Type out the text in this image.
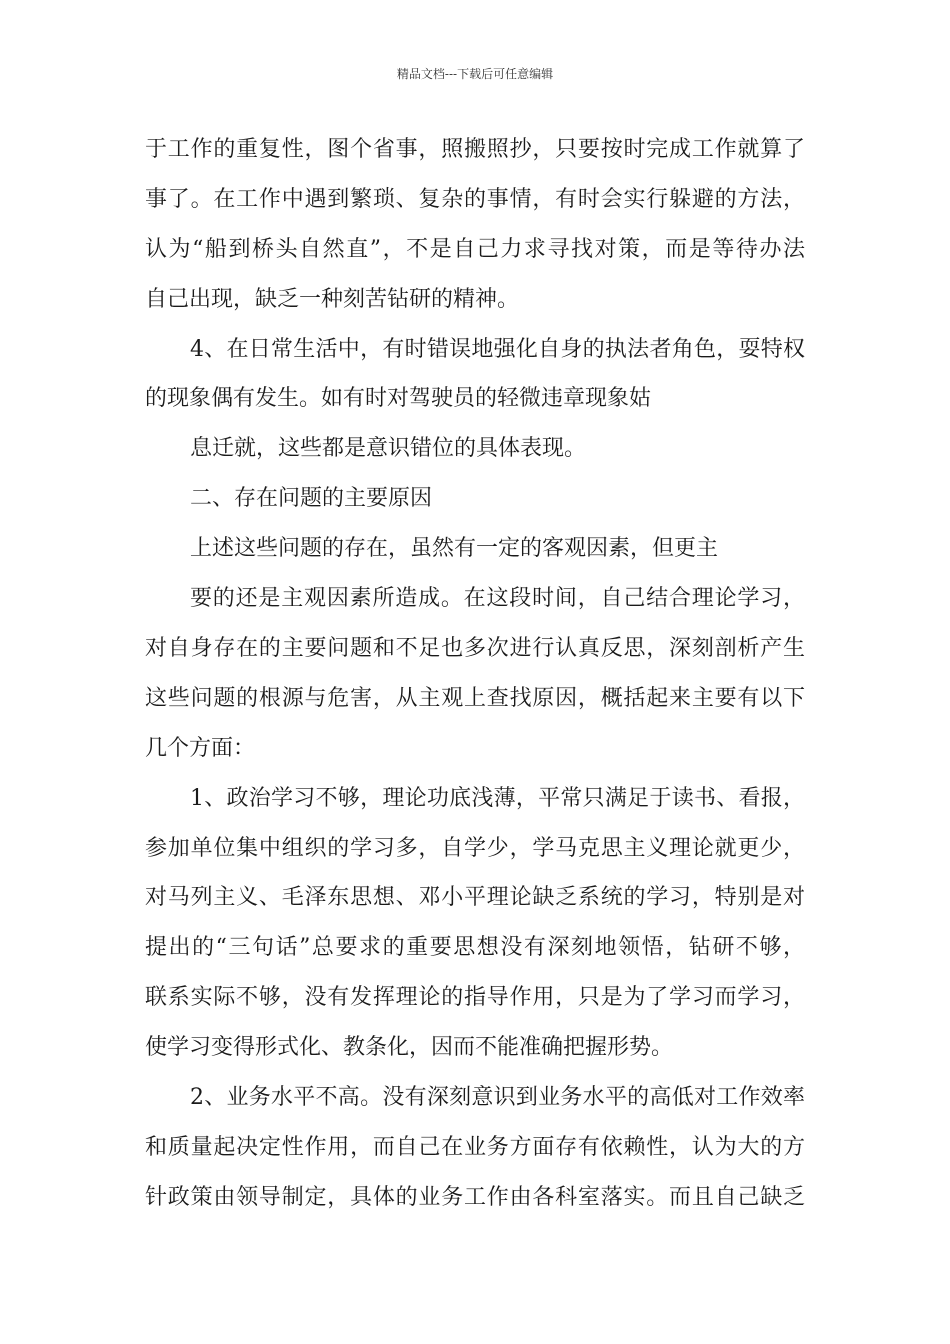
精品文档---下载后可任意编辑
于工作的重复性，图个省事，照搬照抄，只要按时完成工作就算了
事了。在工作中遇到繁琐、复杂的事情，有时会实行躲避的方法，
认为“船到桥头自然直”，不是自己力求寻找对策，而是等待办法
自己出现，缺乏一种刻苦钻研的精神。
4、在日常生活中，有时错误地强化自身的执法者角色，耍特权
的现象偶有发生。如有时对驾驶员的轻微违章现象姑
息迁就，这些都是意识错位的具体表现。
二、存在问题的主要原因
上述这些问题的存在，虽然有一定的客观因素，但更主
要的还是主观因素所造成。在这段时间，自己结合理论学习，
对自身存在的主要问题和不足也多次进行认真反思，深刻剖析产生
这些问题的根源与危害，从主观上查找原因，概括起来主要有以下
几个方面：
1、政治学习不够，理论功底浅薄，平常只满足于读书、看报，
参加单位集中组织的学习多，自学少，学马克思主义理论就更少，
对马列主义、毛泽东思想、邓小平理论缺乏系统的学习，特别是对
提出的“三句话”总要求的重要思想没有深刻地领悟，钻研不够，
联系实际不够，没有发挥理论的指导作用，只是为了学习而学习，
使学习变得形式化、教条化，因而不能准确把握形势。
2、业务水平不高。没有深刻意识到业务水平的高低对工作效率
和质量起决定性作用，而自己在业务方面存有依赖性，认为大的方
针政策由领导制定，具体的业务工作由各科室落实。而且自己缺乏
